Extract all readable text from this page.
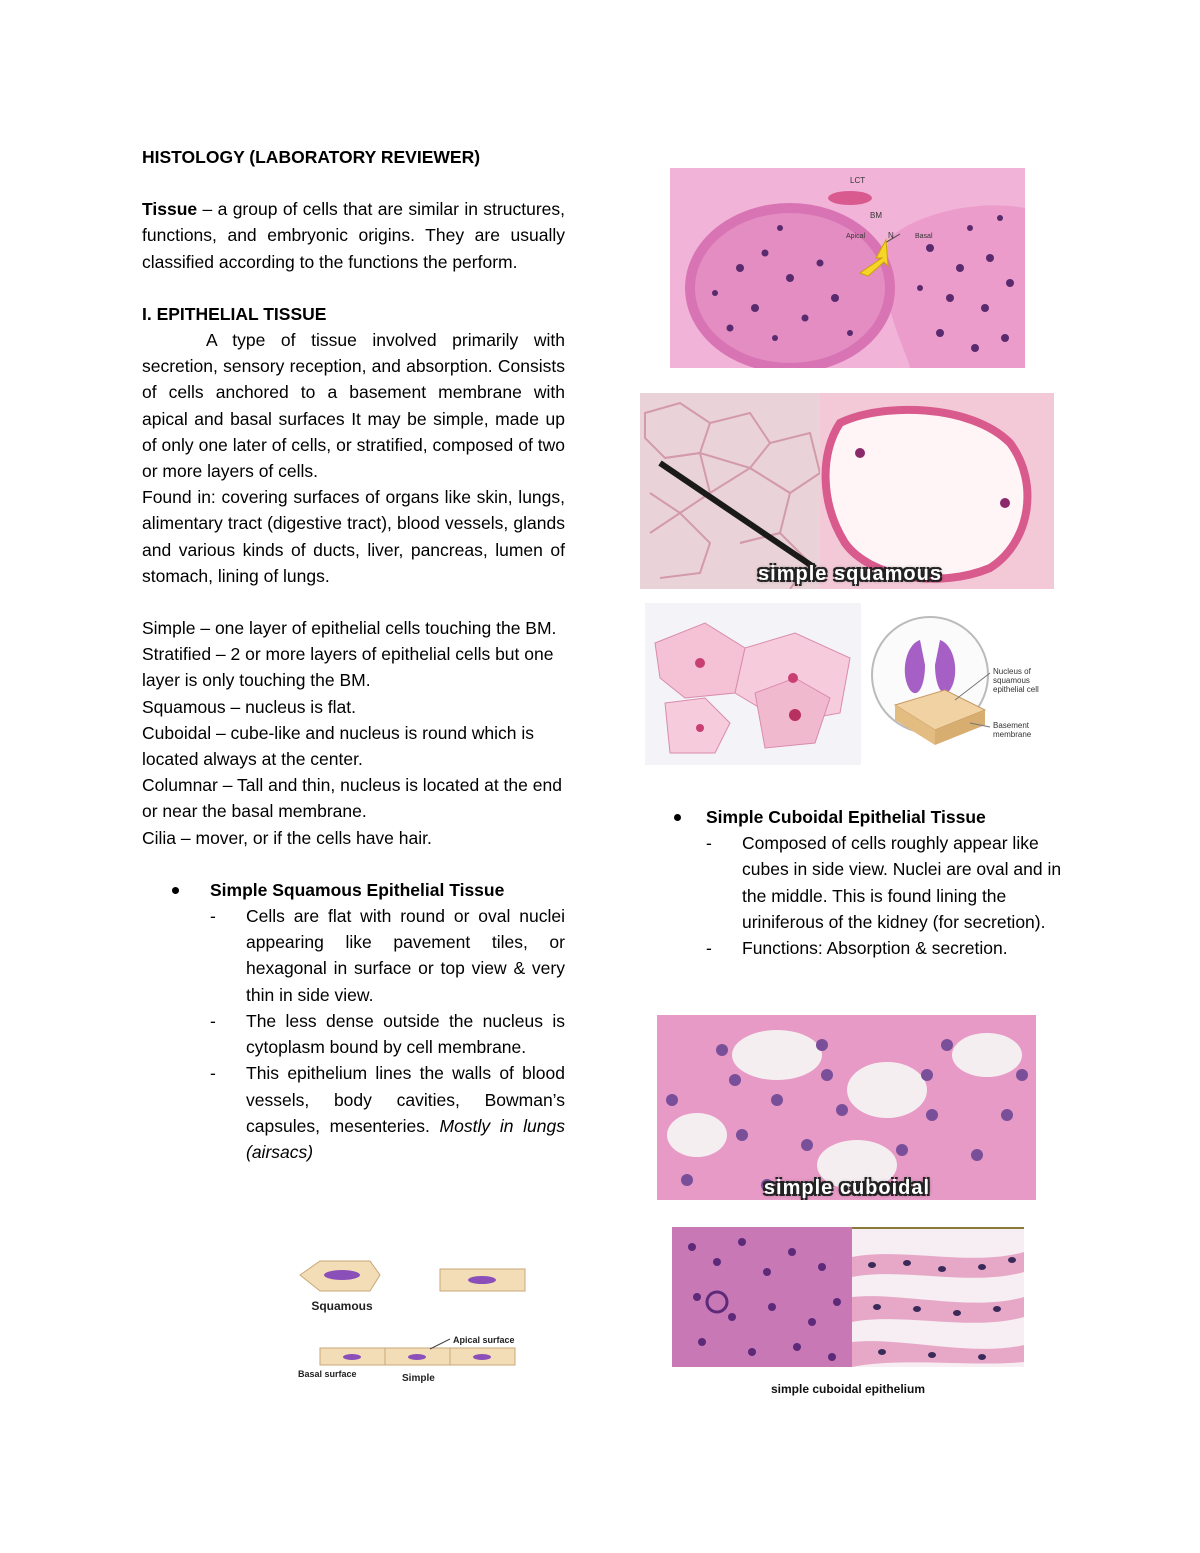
HISTOLOGY (LABORATORY REVIEWER)
Tissue – a group of cells that are similar in structures, functions, and embryonic origins. They are usually classified according to the functions the perform.
I. EPITHELIAL TISSUE
A type of tissue involved primarily with secretion, sensory reception, and absorption. Consists of cells anchored to a basement membrane with apical and basal surfaces It may be simple, made up of only one later of cells, or stratified, composed of two or more layers of cells.
Found in: covering surfaces of organs like skin, lungs, alimentary tract (digestive tract), blood vessels, glands and various kinds of ducts, liver, pancreas, lumen of stomach, lining of lungs.
Simple – one layer of epithelial cells touching the BM.
Stratified – 2 or more layers of epithelial cells but one layer is only touching the BM.
Squamous – nucleus is flat.
Cuboidal – cube-like and nucleus is round which is located always at the center.
Columnar – Tall and thin, nucleus is located at the end or near the basal membrane.
Cilia – mover, or if the cells have hair.
Simple Squamous Epithelial Tissue
- Cells are flat with round or oval nuclei appearing like pavement tiles, or hexagonal in surface or top view & very thin in side view.
- The less dense outside the nucleus is cytoplasm bound by cell membrane.
- This epithelium lines the walls of blood vessels, body cavities, Bowman’s capsules, mesenteries. Mostly in lungs (airsacs)
Squamous
Apical surface
Basal surface	Simple
LCT
BM
Apical	N	Basal
simple squamous
Nucleus of squamous epithelial cell
Basement membrane
Simple Cuboidal Epithelial Tissue
- Composed of cells roughly appear like cubes in side view. Nuclei are oval and in the middle. This is found lining the uriniferous of the kidney (for secretion).
- Functions: Absorption & secretion.
simple cuboidal
simple cuboidal epithelium
